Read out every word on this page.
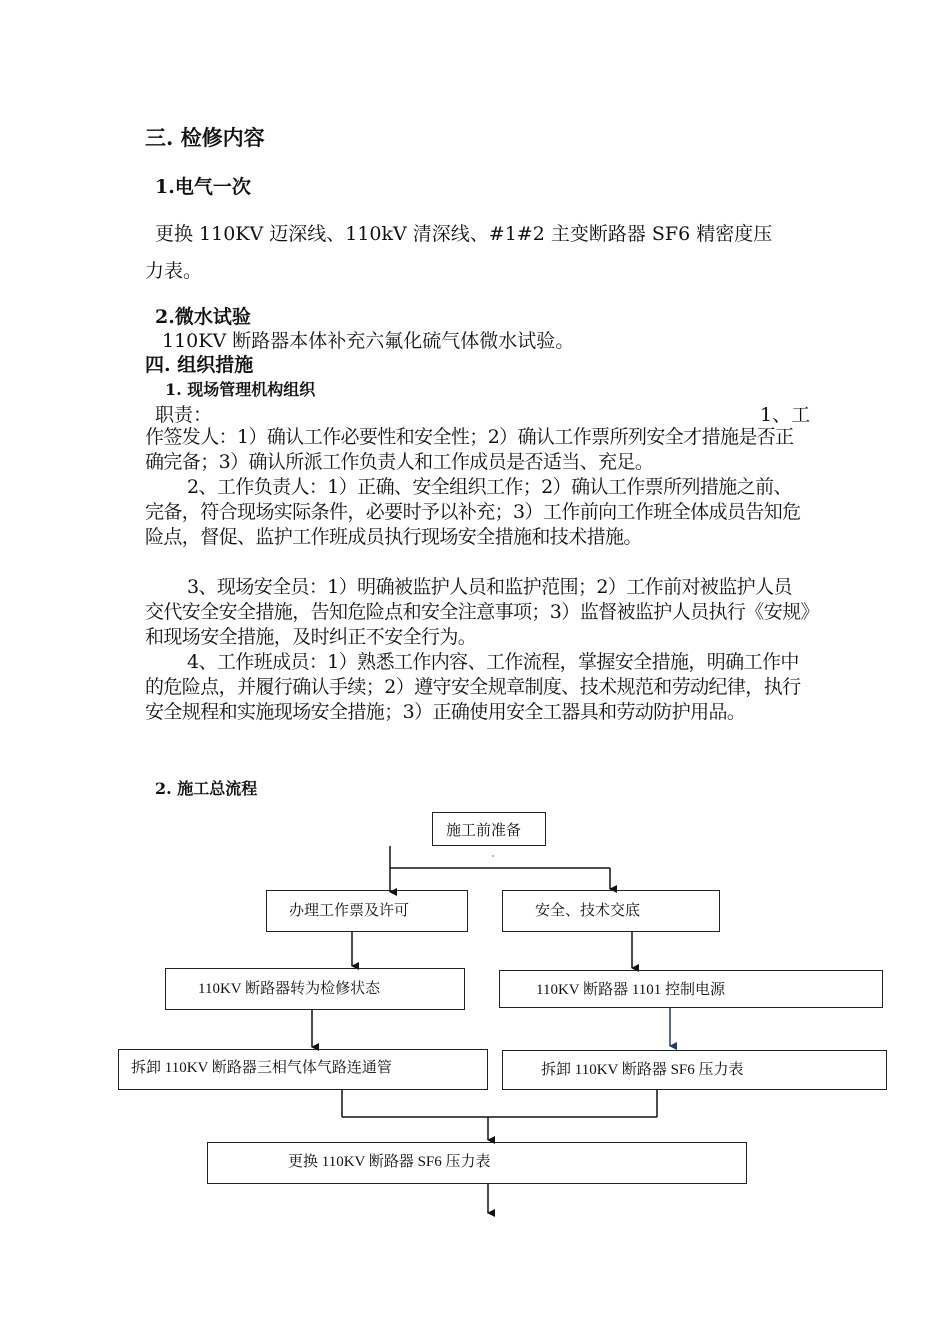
三. 检修内容
1.电气一次
更换 110KV 迈深线、110kV 清深线、#1#2 主变断路器 SF6 精密度压
力表。
2.微水试验
110KV 断路器本体补充六氟化硫气体微水试验。
四. 组织措施
1. 现场管理机构组织
职责：	1、工
作签发人：1）确认工作必要性和安全性；2）确认工作票所列安全才措施是否正确完备；3）确认所派工作负责人和工作成员是否适当、充足。
2、工作负责人：1）正确、安全组织工作；2）确认工作票所列措施之前、完备，符合现场实际条件，必要时予以补充；3）工作前向工作班全体成员告知危险点，督促、监护工作班成员执行现场安全措施和技术措施。
3、现场安全员：1）明确被监护人员和监护范围；2）工作前对被监护人员交代安全安全措施，告知危险点和安全注意事项；3）监督被监护人员执行《安规》和现场安全措施，及时纠正不安全行为。
4、工作班成员：1）熟悉工作内容、工作流程，掌握安全措施，明确工作中的危险点，并履行确认手续；2）遵守安全规章制度、技术规范和劳动纪律，执行安全规程和实施现场安全措施；3）正确使用安全工器具和劳动防护用品。
2. 施工总流程
施工前准备
办理工作票及许可	安全、技术交底
110KV 断路器转为检修状态	110KV 断路器 1101 控制电源
拆卸 110KV 断路器三相气体气路连通管	拆卸 110KV 断路器 SF6 压力表
更换 110KV 断路器 SF6 压力表
